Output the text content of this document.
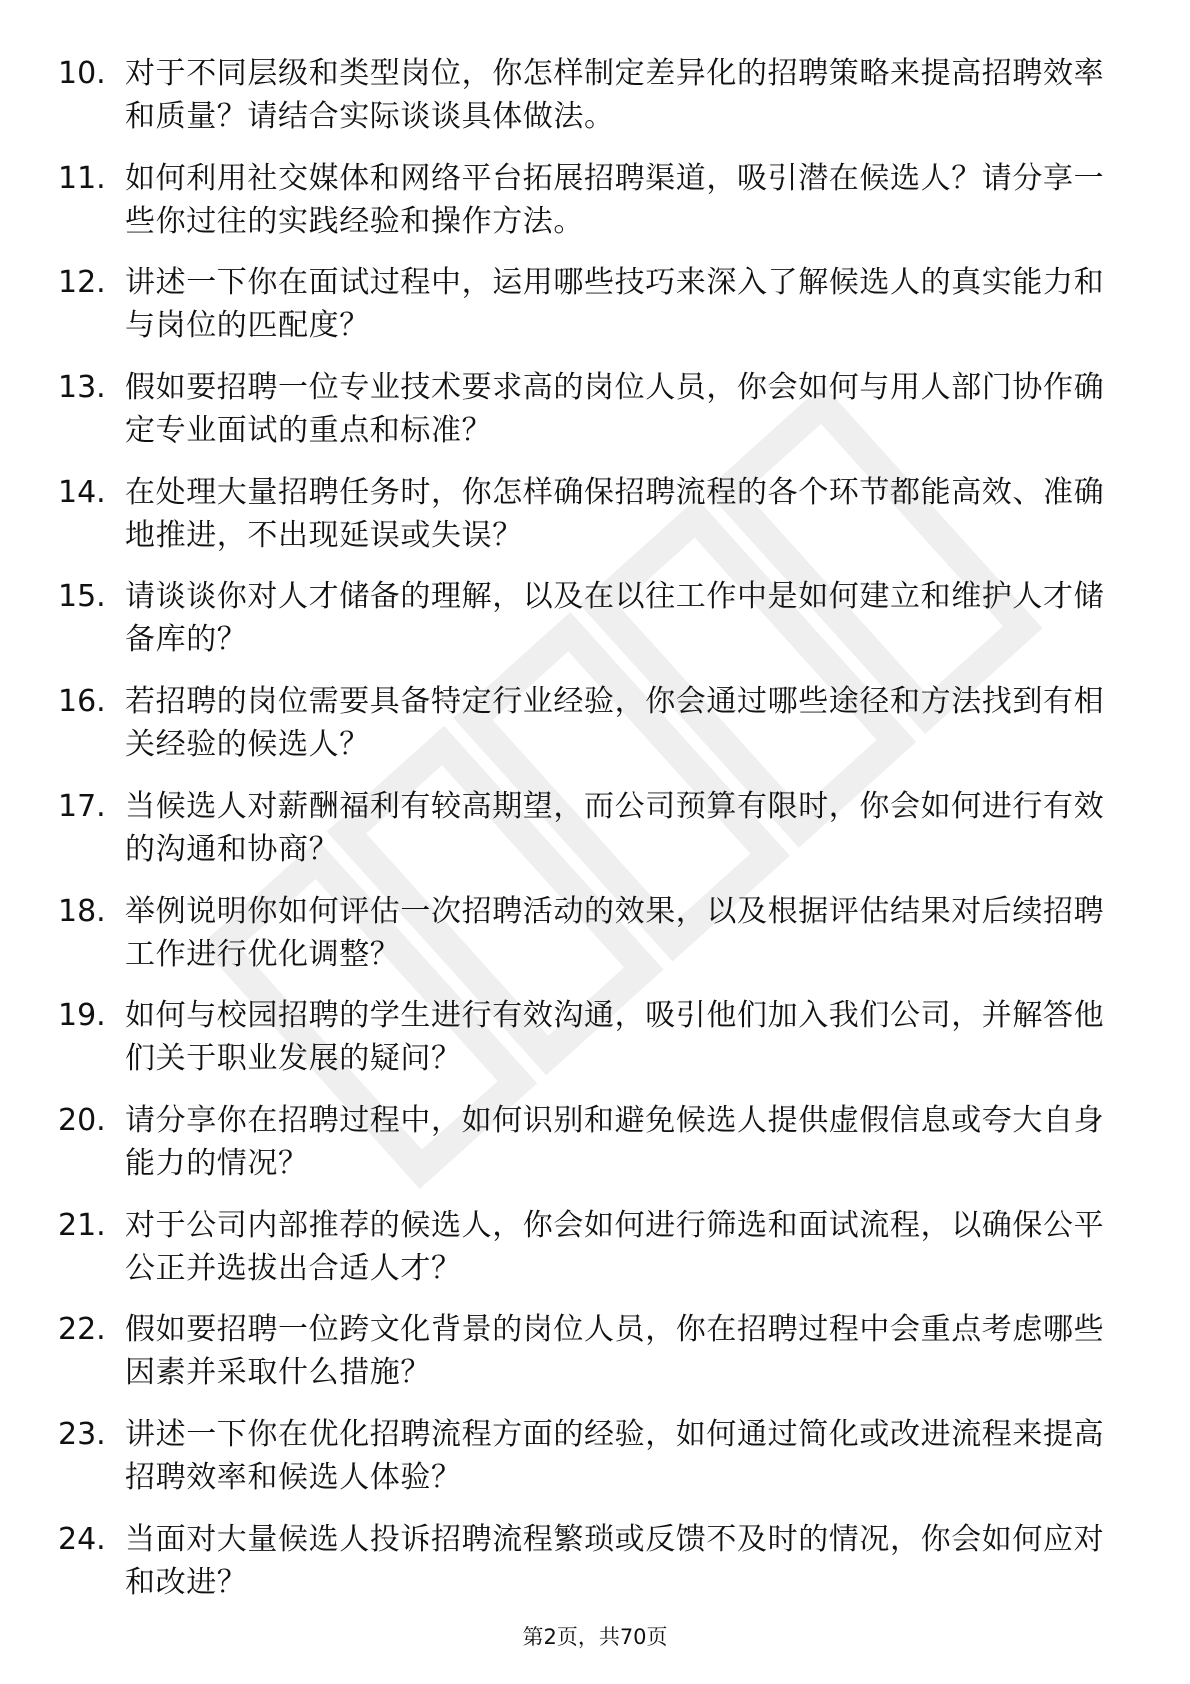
10. 对于不同层级和类型岗位，你怎样制定差异化的招聘策略来提高招聘效率和质量？请结合实际谈谈具体做法。
11. 如何利用社交媒体和网络平台拓展招聘渠道，吸引潜在候选人？请分享一些你过往的实践经验和操作方法。
12. 讲述一下你在面试过程中，运用哪些技巧来深入了解候选人的真实能力和与岗位的匹配度？
13. 假如要招聘一位专业技术要求高的岗位人员，你会如何与用人部门协作确定专业面试的重点和标准？
14. 在处理大量招聘任务时，你怎样确保招聘流程的各个环节都能高效、准确地推进，不出现延误或失误？
15. 请谈谈你对人才储备的理解，以及在以往工作中是如何建立和维护人才储备库的？
16. 若招聘的岗位需要具备特定行业经验，你会通过哪些途径和方法找到有相关经验的候选人？
17. 当候选人对薪酬福利有较高期望，而公司预算有限时，你会如何进行有效的沟通和协商？
18. 举例说明你如何评估一次招聘活动的效果，以及根据评估结果对后续招聘工作进行优化调整？
19. 如何与校园招聘的学生进行有效沟通，吸引他们加入我们公司，并解答他们关于职业发展的疑问？
20. 请分享你在招聘过程中，如何识别和避免候选人提供虚假信息或夸大自身能力的情况？
21. 对于公司内部推荐的候选人，你会如何进行筛选和面试流程，以确保公平公正并选拔出合适人才？
22. 假如要招聘一位跨文化背景的岗位人员，你在招聘过程中会重点考虑哪些因素并采取什么措施？
23. 讲述一下你在优化招聘流程方面的经验，如何通过简化或改进流程来提高招聘效率和候选人体验？
24. 当面对大量候选人投诉招聘流程繁琐或反馈不及时的情况，你会如何应对和改进？
第2页，共70页
